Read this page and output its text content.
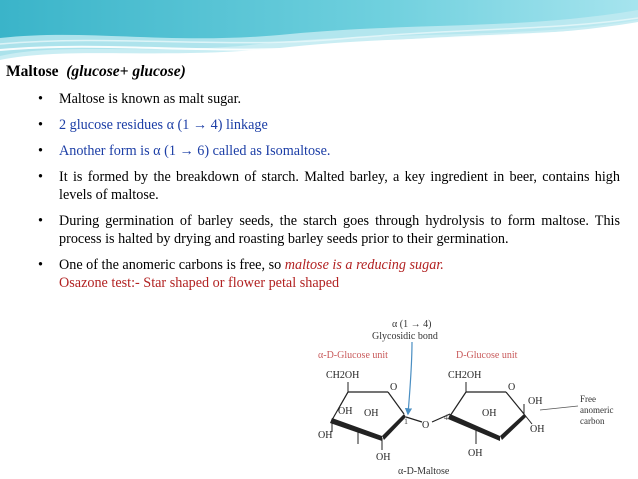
Maltose (glucose+ glucose)
• Maltose is known as malt sugar.
• 2 glucose residues α (1 → 4) linkage
• Another form is α (1 → 6) called as Isomaltose.
• It is formed by the breakdown of starch. Malted barley, a key ingredient in beer, contains high levels of maltose.
• During germination of barley seeds, the starch goes through hydrolysis to form maltose. This process is halted by drying and roasting barley seeds prior to their germination.
• One of the anomeric carbons is free, so maltose is a reducing sugar.
Osazone test:- Star shaped or flower petal shaped
α (1 → 4)
Glycosidic bond
α-D-Glucose unit	D-Glucose unit
CH2OH
O
OH OH
OH
OH
1 O
4
CH2OH
O
OH
OH
OH
OH
Free
anomeric
carbon
α-D-Maltose
